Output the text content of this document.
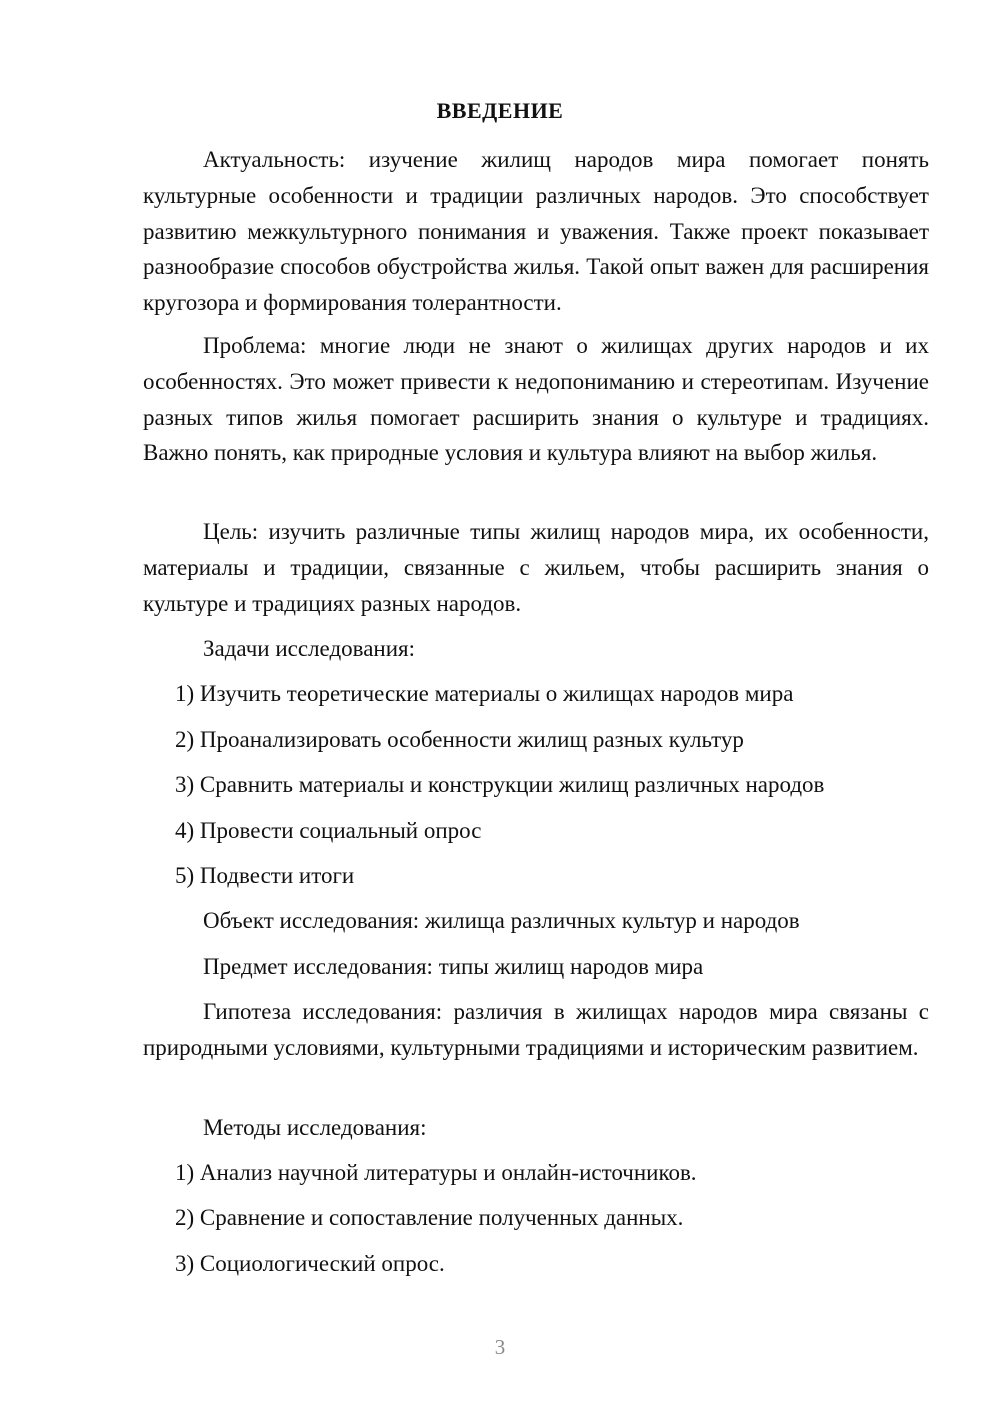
ВВЕДЕНИЕ

Актуальность: изучение жилищ народов мира помогает понять культурные особенности и традиции различных народов. Это способствует развитию межкультурного понимания и уважения. Также проект показывает разнообразие способов обустройства жилья. Такой опыт важен для расширения кругозора и формирования толерантности.

Проблема: многие люди не знают о жилищах других народов и их особенностях. Это может привести к недопониманию и стереотипам. Изучение разных типов жилья помогает расширить знания о культуре и традициях. Важно понять, как природные условия и культура влияют на выбор жилья.

Цель: изучить различные типы жилищ народов мира, их особенности, материалы и традиции, связанные с жильем, чтобы расширить знания о культуре и традициях разных народов.

Задачи исследования:

1) Изучить теоретические материалы о жилищах народов мира

2) Проанализировать особенности жилищ разных культур

3) Сравнить материалы и конструкции жилищ различных народов

4) Провести социальный опрос

5) Подвести итоги

Объект исследования: жилища различных культур и народов

Предмет исследования: типы жилищ народов мира

Гипотеза исследования: различия в жилищах народов мира связаны с природными условиями, культурными традициями и историческим развитием.

Методы исследования:

1) Анализ научной литературы и онлайн-источников.

2) Сравнение и сопоставление полученных данных.

3) Социологический опрос.

3
